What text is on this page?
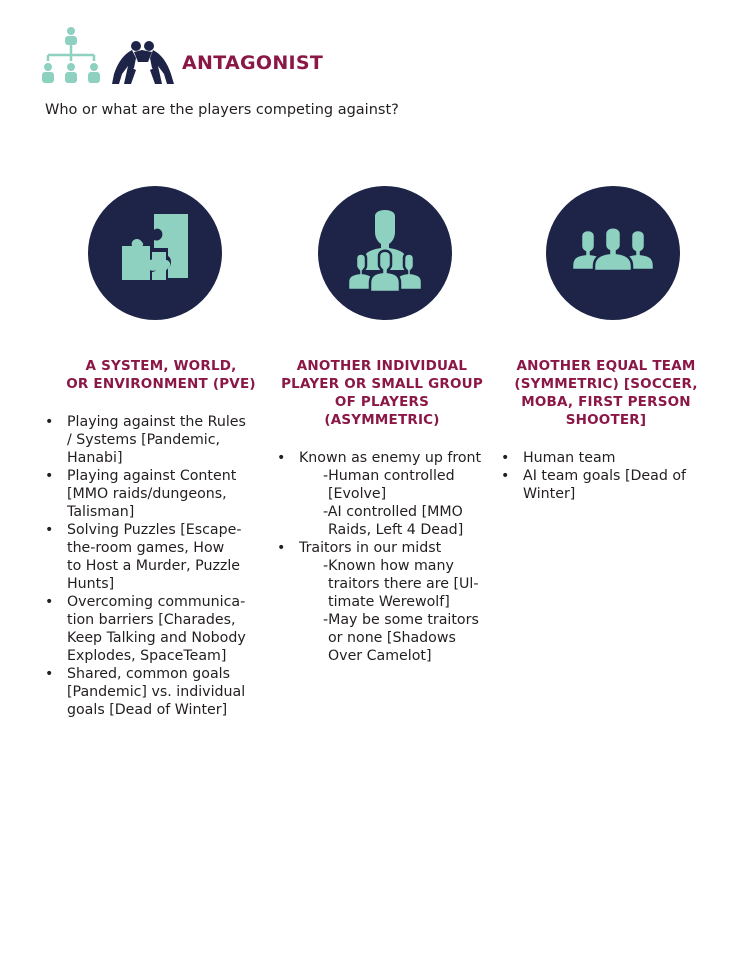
ANTAGONIST
Who or what are the players competing against?
A SYSTEM, WORLD,
OR ENVIRONMENT (PVE)
• Playing against the Rules
/ Systems [Pandemic,
Hanabi]
• Playing against Content
[MMO raids/dungeons,
Talisman]
• Solving Puzzles [Escape-
the-room games, How
to Host a Murder, Puzzle
Hunts]
• Overcoming communica-
tion barriers [Charades,
Keep Talking and Nobody
Explodes, SpaceTeam]
• Shared, common goals
[Pandemic] vs. individual
goals [Dead of Winter]
ANOTHER INDIVIDUAL
PLAYER OR SMALL GROUP
OF PLAYERS
(ASYMMETRIC)
• Known as enemy up front
-Human controlled
[Evolve]
-AI controlled [MMO
Raids, Left 4 Dead]
• Traitors in our midst
-Known how many
traitors there are [Ul-
timate Werewolf]
-May be some traitors
or none [Shadows
Over Camelot]
ANOTHER EQUAL TEAM
(SYMMETRIC) [SOCCER,
MOBA, FIRST PERSON
SHOOTER]
• Human team
• AI team goals [Dead of
Winter]
